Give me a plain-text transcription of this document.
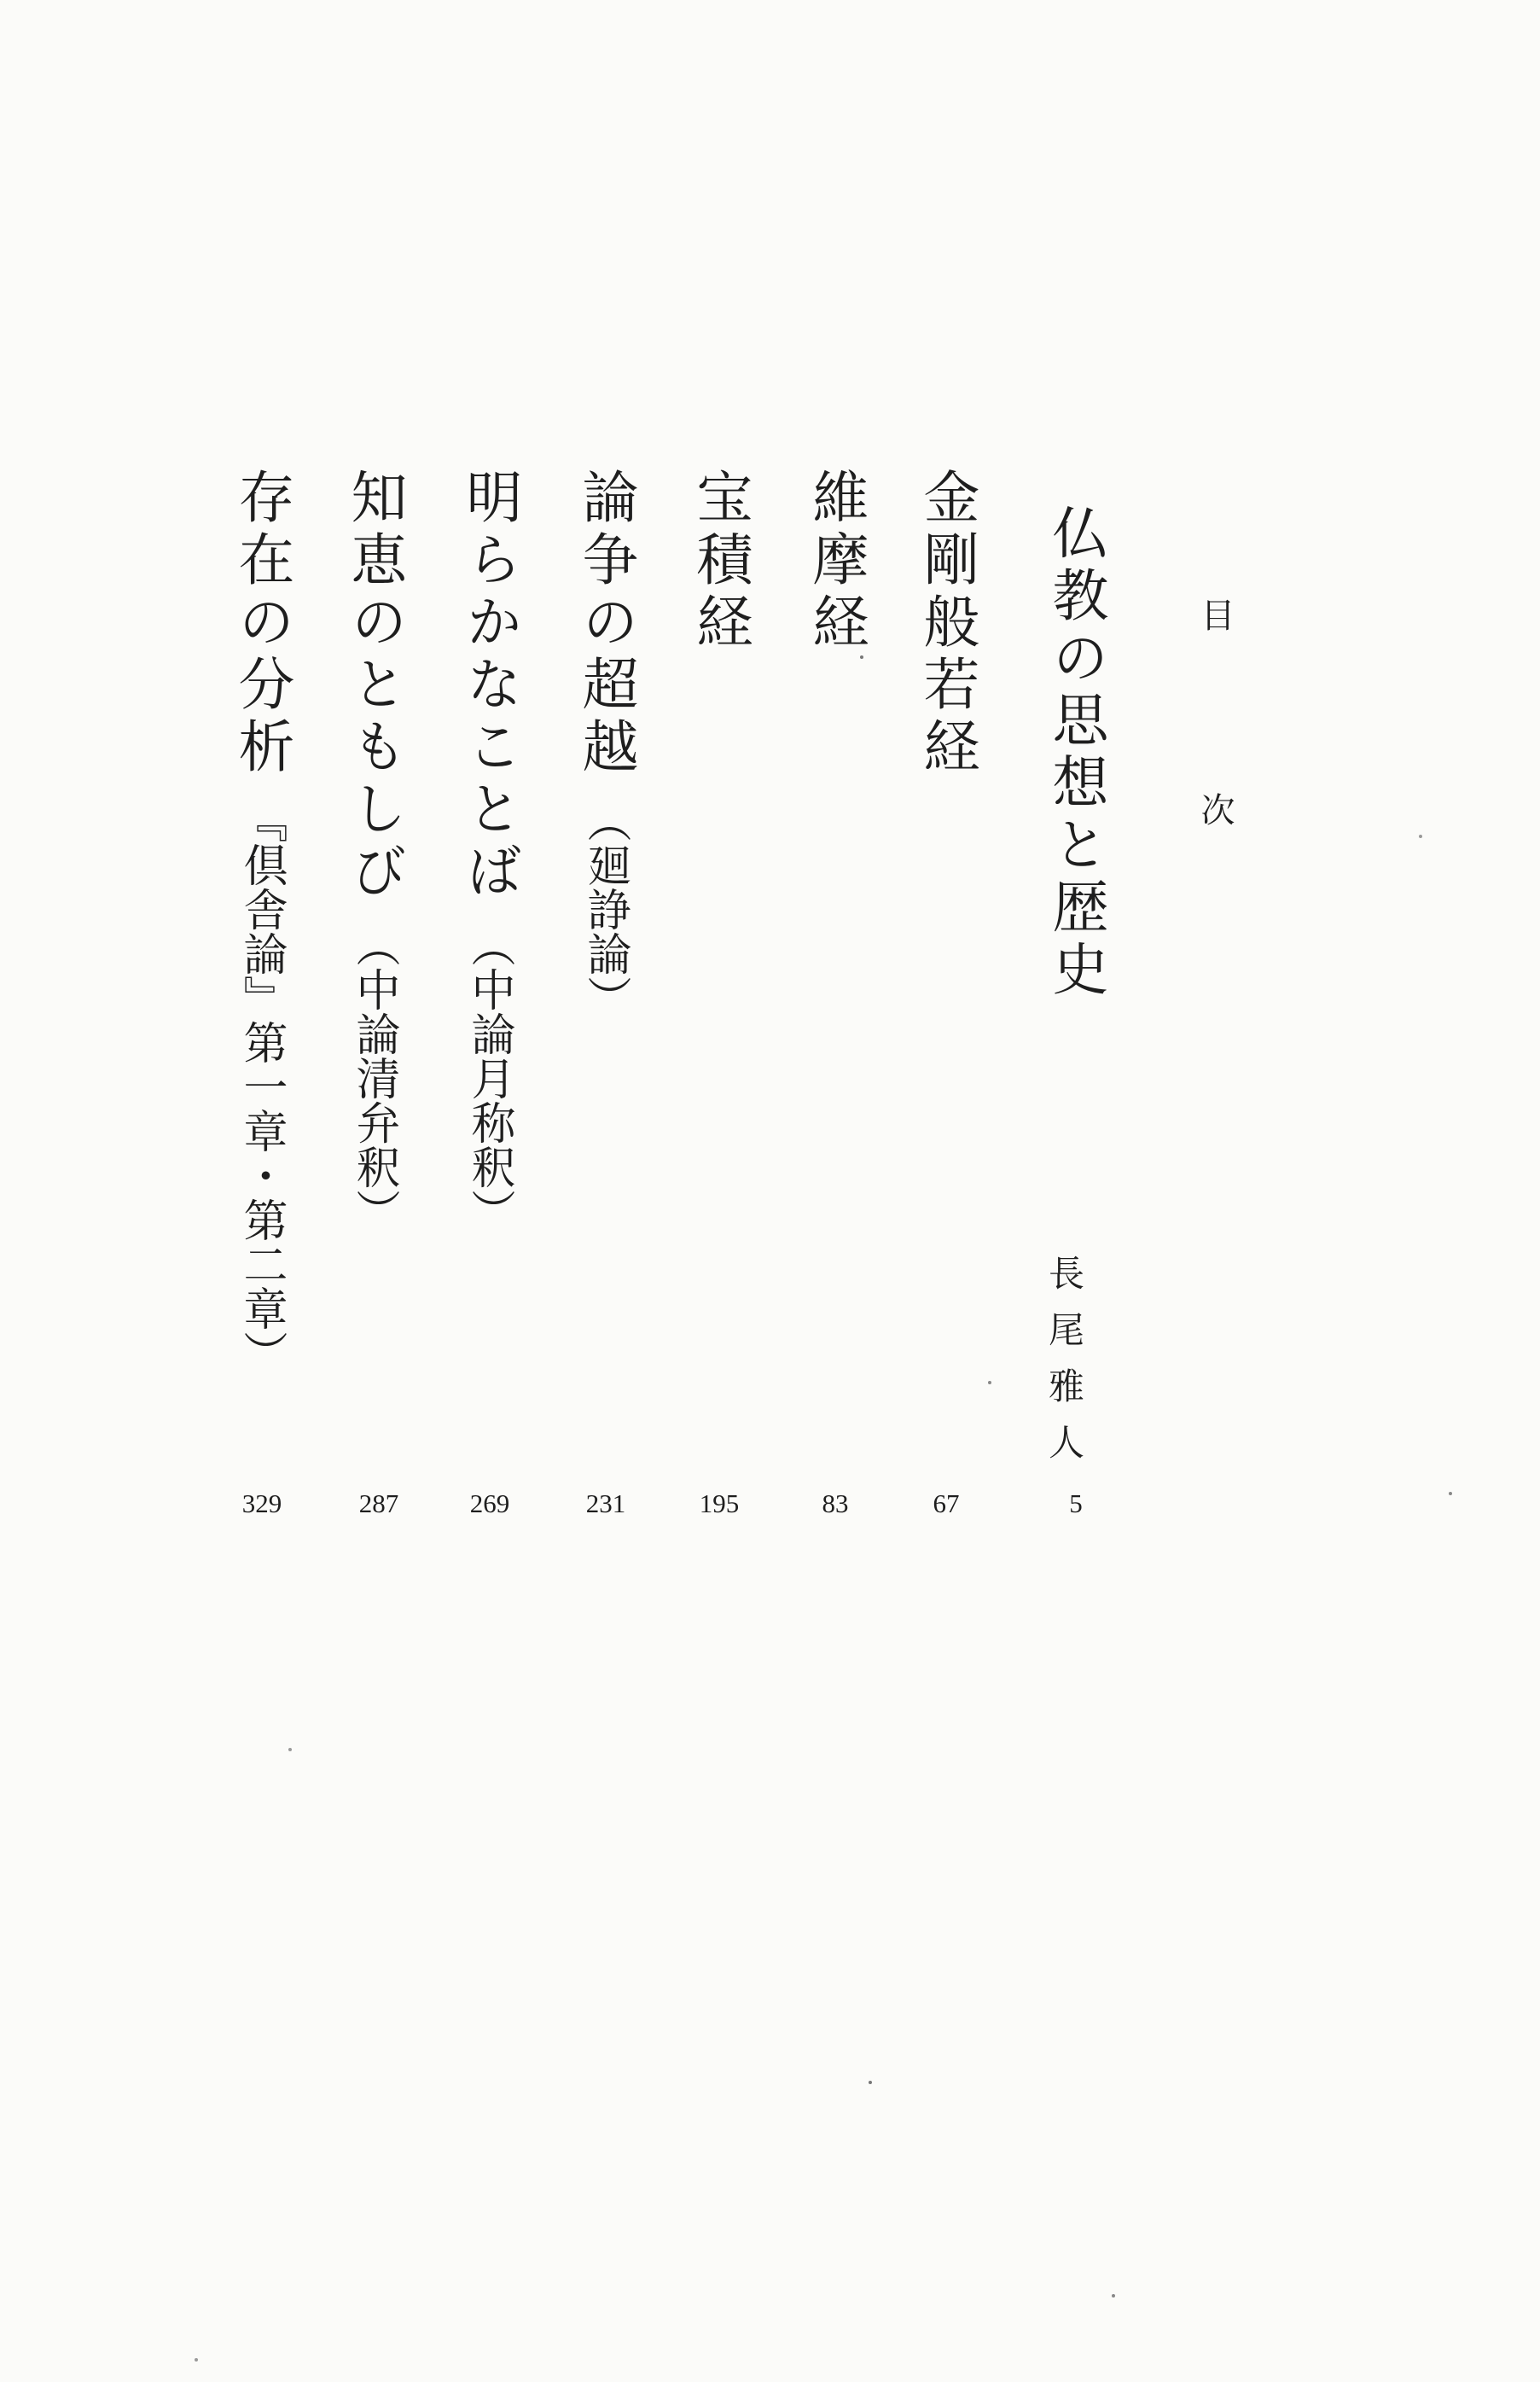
目　次
仏教の思想と歴史
長尾雅人
5
金剛般若経
67
維摩経
83
宝積経
195
論争の超越︵廻諍論︶
231
明らかなことば︵中論月称釈︶
269
知恵のともしび︵中論清弁釈︶
287
存在の分析﹃倶舎論﹄第一章・第二章︶
329
